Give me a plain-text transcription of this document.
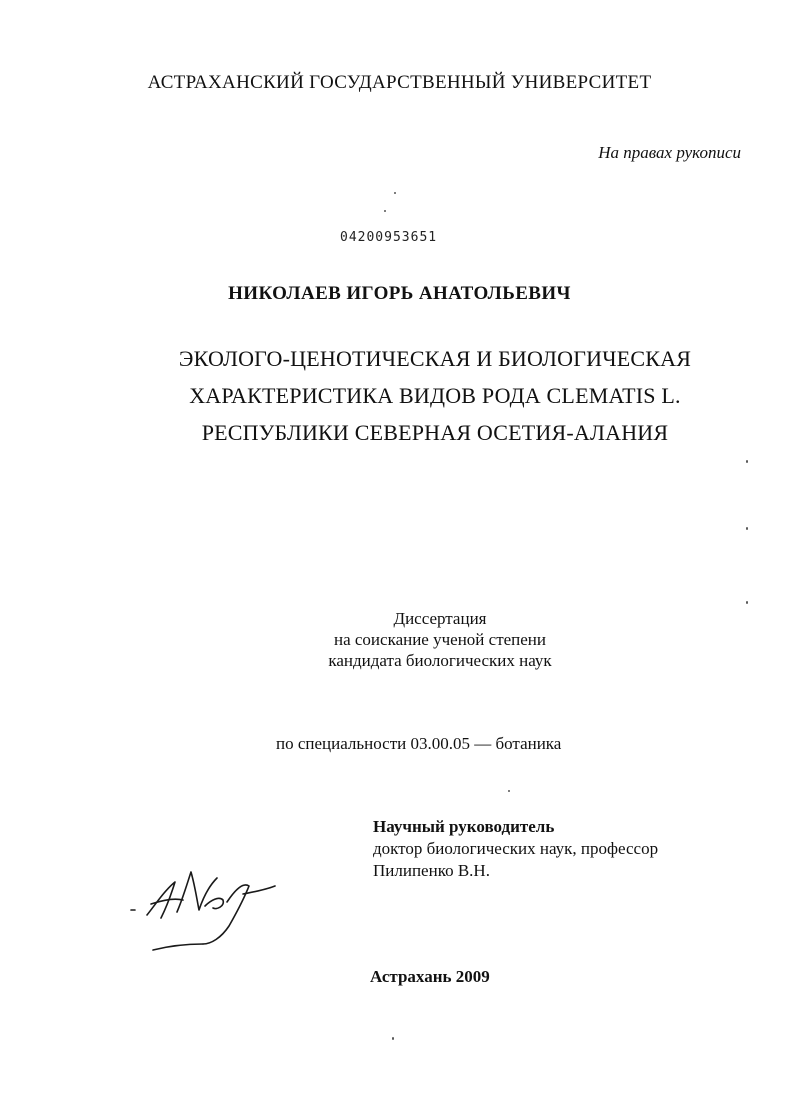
АСТРАХАНСКИЙ ГОСУДАРСТВЕННЫЙ УНИВЕРСИТЕТ
На правах рукописи
04200953651
НИКОЛАЕВ ИГОРЬ АНАТОЛЬЕВИЧ
ЭКОЛОГО-ЦЕНОТИЧЕСКАЯ И БИОЛОГИЧЕСКАЯ
ХАРАКТЕРИСТИКА ВИДОВ РОДА CLEMATIS L.
РЕСПУБЛИКИ СЕВЕРНАЯ ОСЕТИЯ-АЛАНИЯ
Диссертация
на соискание ученой степени
кандидата биологических наук
по специальности 03.00.05 — ботаника
Научный руководитель
доктор биологических наук, профессор
Пилипенко В.Н.
Астрахань 2009
